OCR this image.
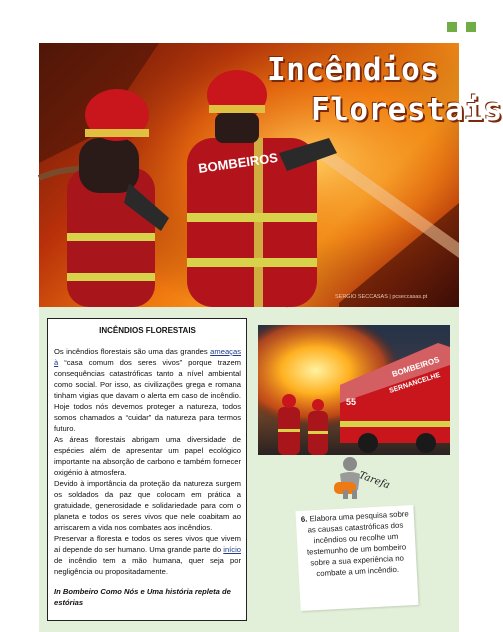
BOMBEIROS
Incêndios
Florestais
SERGIO SECCASAS | pcseccasas.pt
INCÊNDIOS FLORESTAIS

Os incêndios florestais são uma das grandes ameaças à “casa comum dos seres vivos” porque trazem consequências catastróficas tanto a nível ambiental como social. Por isso, as civilizações grega e romana tinham vigias que davam o alerta em caso de incêndio. Hoje todos nós devemos proteger a natureza, todos somos chamados a “cuidar” da natureza para termos futuro.

As áreas florestais abrigam uma diversidade de espécies além de apresentar um papel ecológico importante na absorção de carbono e também fornecer oxigénio à atmosfera.

Devido à importância da proteção da natureza surgem os soldados da paz que colocam em prática a gratuidade, generosidade e solidariedade para com o planeta e todos os seres vivos que nele coabitam ao arriscarem a vida nos combates aos incêndios.

Preservar a floresta e todos os seres vivos que vivem aí depende do ser humano. Uma grande parte do início de incêndio tem a mão humana, quer seja por negligência ou propositadamente.

In Bombeiro Como Nós e Uma história repleta de estórias

BOMBEIROS
SERNANCELHE
55
Tarefa
6. Elabora uma pesquisa sobre as causas catastróficas dos incêndios ou recolhe um testemunho de um bombeiro sobre a sua experiência no combate a um incêndio.
